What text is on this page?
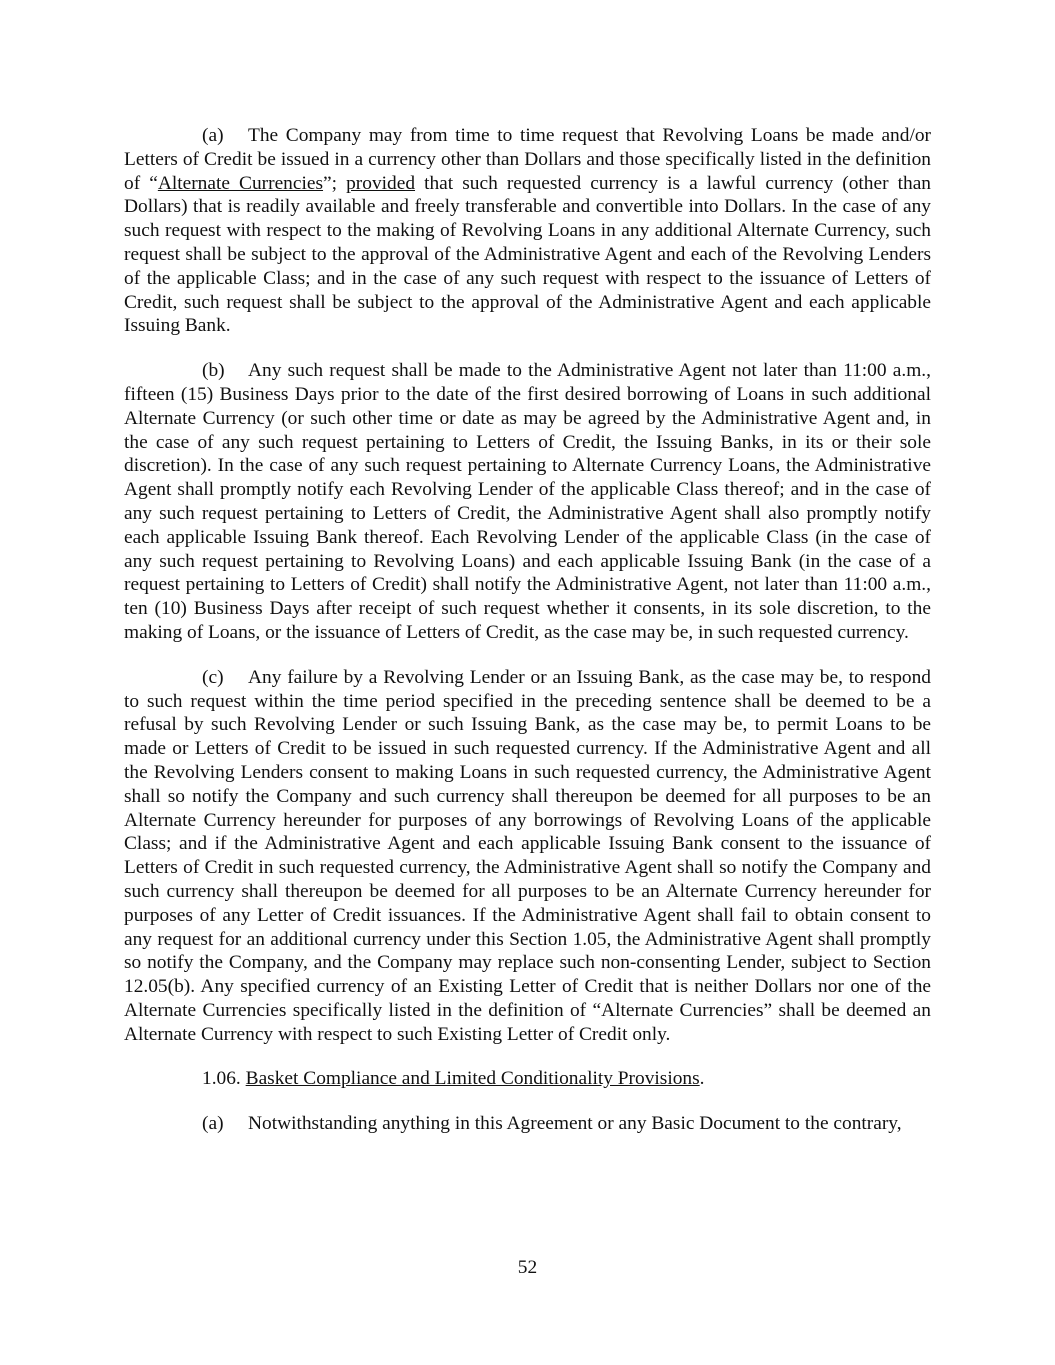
(a) The Company may from time to time request that Revolving Loans be made and/or Letters of Credit be issued in a currency other than Dollars and those specifically listed in the definition of “Alternate Currencies”; provided that such requested currency is a lawful currency (other than Dollars) that is readily available and freely transferable and convertible into Dollars. In the case of any such request with respect to the making of Revolving Loans in any additional Alternate Currency, such request shall be subject to the approval of the Administrative Agent and each of the Revolving Lenders of the applicable Class; and in the case of any such request with respect to the issuance of Letters of Credit, such request shall be subject to the approval of the Administrative Agent and each applicable Issuing Bank.

(b) Any such request shall be made to the Administrative Agent not later than 11:00 a.m., fifteen (15) Business Days prior to the date of the first desired borrowing of Loans in such additional Alternate Currency (or such other time or date as may be agreed by the Administrative Agent and, in the case of any such request pertaining to Letters of Credit, the Issuing Banks, in its or their sole discretion). In the case of any such request pertaining to Alternate Currency Loans, the Administrative Agent shall promptly notify each Revolving Lender of the applicable Class thereof; and in the case of any such request pertaining to Letters of Credit, the Administrative Agent shall also promptly notify each applicable Issuing Bank thereof. Each Revolving Lender of the applicable Class (in the case of any such request pertaining to Revolving Loans) and each applicable Issuing Bank (in the case of a request pertaining to Letters of Credit) shall notify the Administrative Agent, not later than 11:00 a.m., ten (10) Business Days after receipt of such request whether it consents, in its sole discretion, to the making of Loans, or the issuance of Letters of Credit, as the case may be, in such requested currency.

(c) Any failure by a Revolving Lender or an Issuing Bank, as the case may be, to respond to such request within the time period specified in the preceding sentence shall be deemed to be a refusal by such Revolving Lender or such Issuing Bank, as the case may be, to permit Loans to be made or Letters of Credit to be issued in such requested currency. If the Administrative Agent and all the Revolving Lenders consent to making Loans in such requested currency, the Administrative Agent shall so notify the Company and such currency shall thereupon be deemed for all purposes to be an Alternate Currency hereunder for purposes of any borrowings of Revolving Loans of the applicable Class; and if the Administrative Agent and each applicable Issuing Bank consent to the issuance of Letters of Credit in such requested currency, the Administrative Agent shall so notify the Company and such currency shall thereupon be deemed for all purposes to be an Alternate Currency hereunder for purposes of any Letter of Credit issuances. If the Administrative Agent shall fail to obtain consent to any request for an additional currency under this Section 1.05, the Administrative Agent shall promptly so notify the Company, and the Company may replace such non-consenting Lender, subject to Section 12.05(b). Any specified currency of an Existing Letter of Credit that is neither Dollars nor one of the Alternate Currencies specifically listed in the definition of “Alternate Currencies” shall be deemed an Alternate Currency with respect to such Existing Letter of Credit only.

1.06. Basket Compliance and Limited Conditionality Provisions.

(a) Notwithstanding anything in this Agreement or any Basic Document to the contrary,

52
